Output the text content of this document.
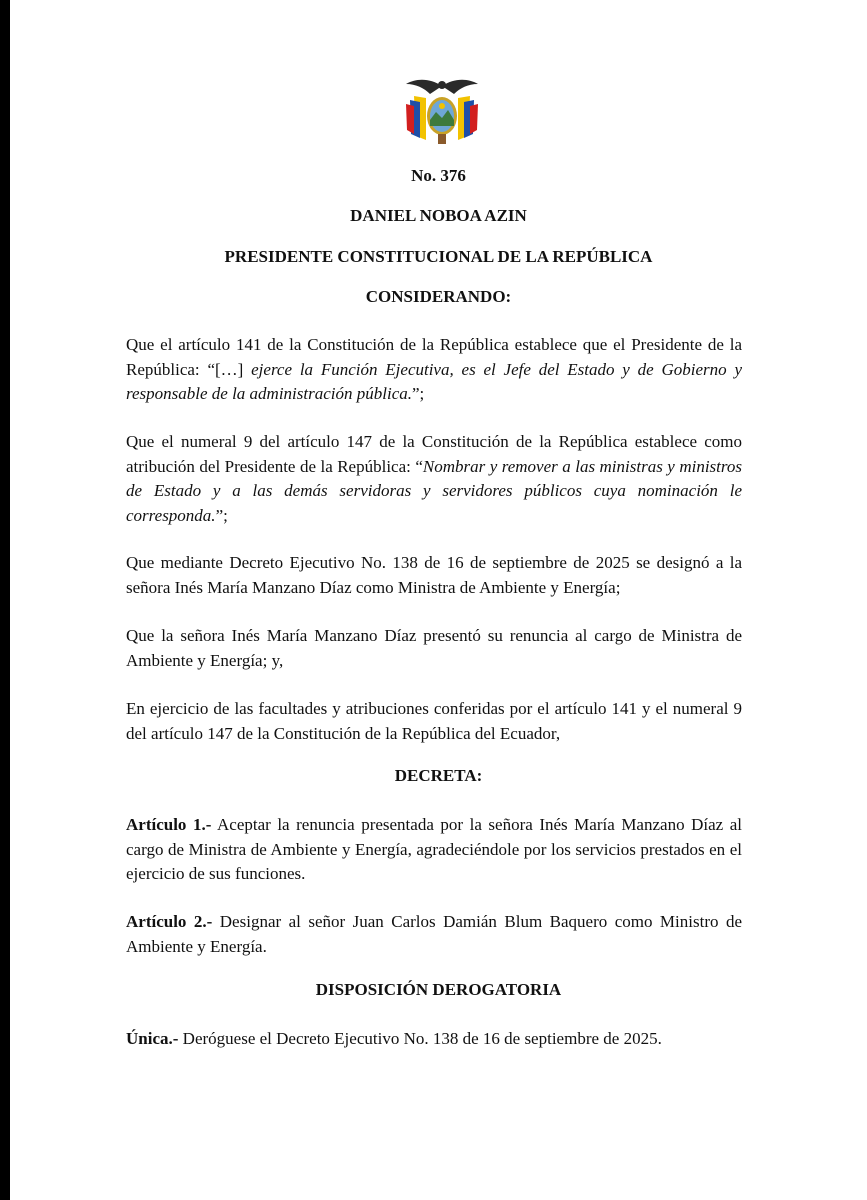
No. 376
DANIEL NOBOA AZIN
PRESIDENTE CONSTITUCIONAL DE LA REPÚBLICA
CONSIDERANDO:
Que el artículo 141 de la Constitución de la República establece que el Presidente de la República: “[…] ejerce la Función Ejecutiva, es el Jefe del Estado y de Gobierno y responsable de la administración pública.”;
Que el numeral 9 del artículo 147 de la Constitución de la República establece como atribución del Presidente de la República: “Nombrar y remover a las ministras y ministros de Estado y a las demás servidoras y servidores públicos cuya nominación le corresponda.”;
Que mediante Decreto Ejecutivo No. 138 de 16 de septiembre de 2025 se designó a la señora Inés María Manzano Díaz como Ministra de Ambiente y Energía;
Que la señora Inés María Manzano Díaz presentó su renuncia al cargo de Ministra de Ambiente y Energía; y,
En ejercicio de las facultades y atribuciones conferidas por el artículo 141 y el numeral 9 del artículo 147 de la Constitución de la República del Ecuador,
DECRETA:
Artículo 1.- Aceptar la renuncia presentada por la señora Inés María Manzano Díaz al cargo de Ministra de Ambiente y Energía, agradeciéndole por los servicios prestados en el ejercicio de sus funciones.
Artículo 2.- Designar al señor Juan Carlos Damián Blum Baquero como Ministro de Ambiente y Energía.
DISPOSICIÓN DEROGATORIA
Única.- Deróguese el Decreto Ejecutivo No. 138 de 16 de septiembre de 2025.
